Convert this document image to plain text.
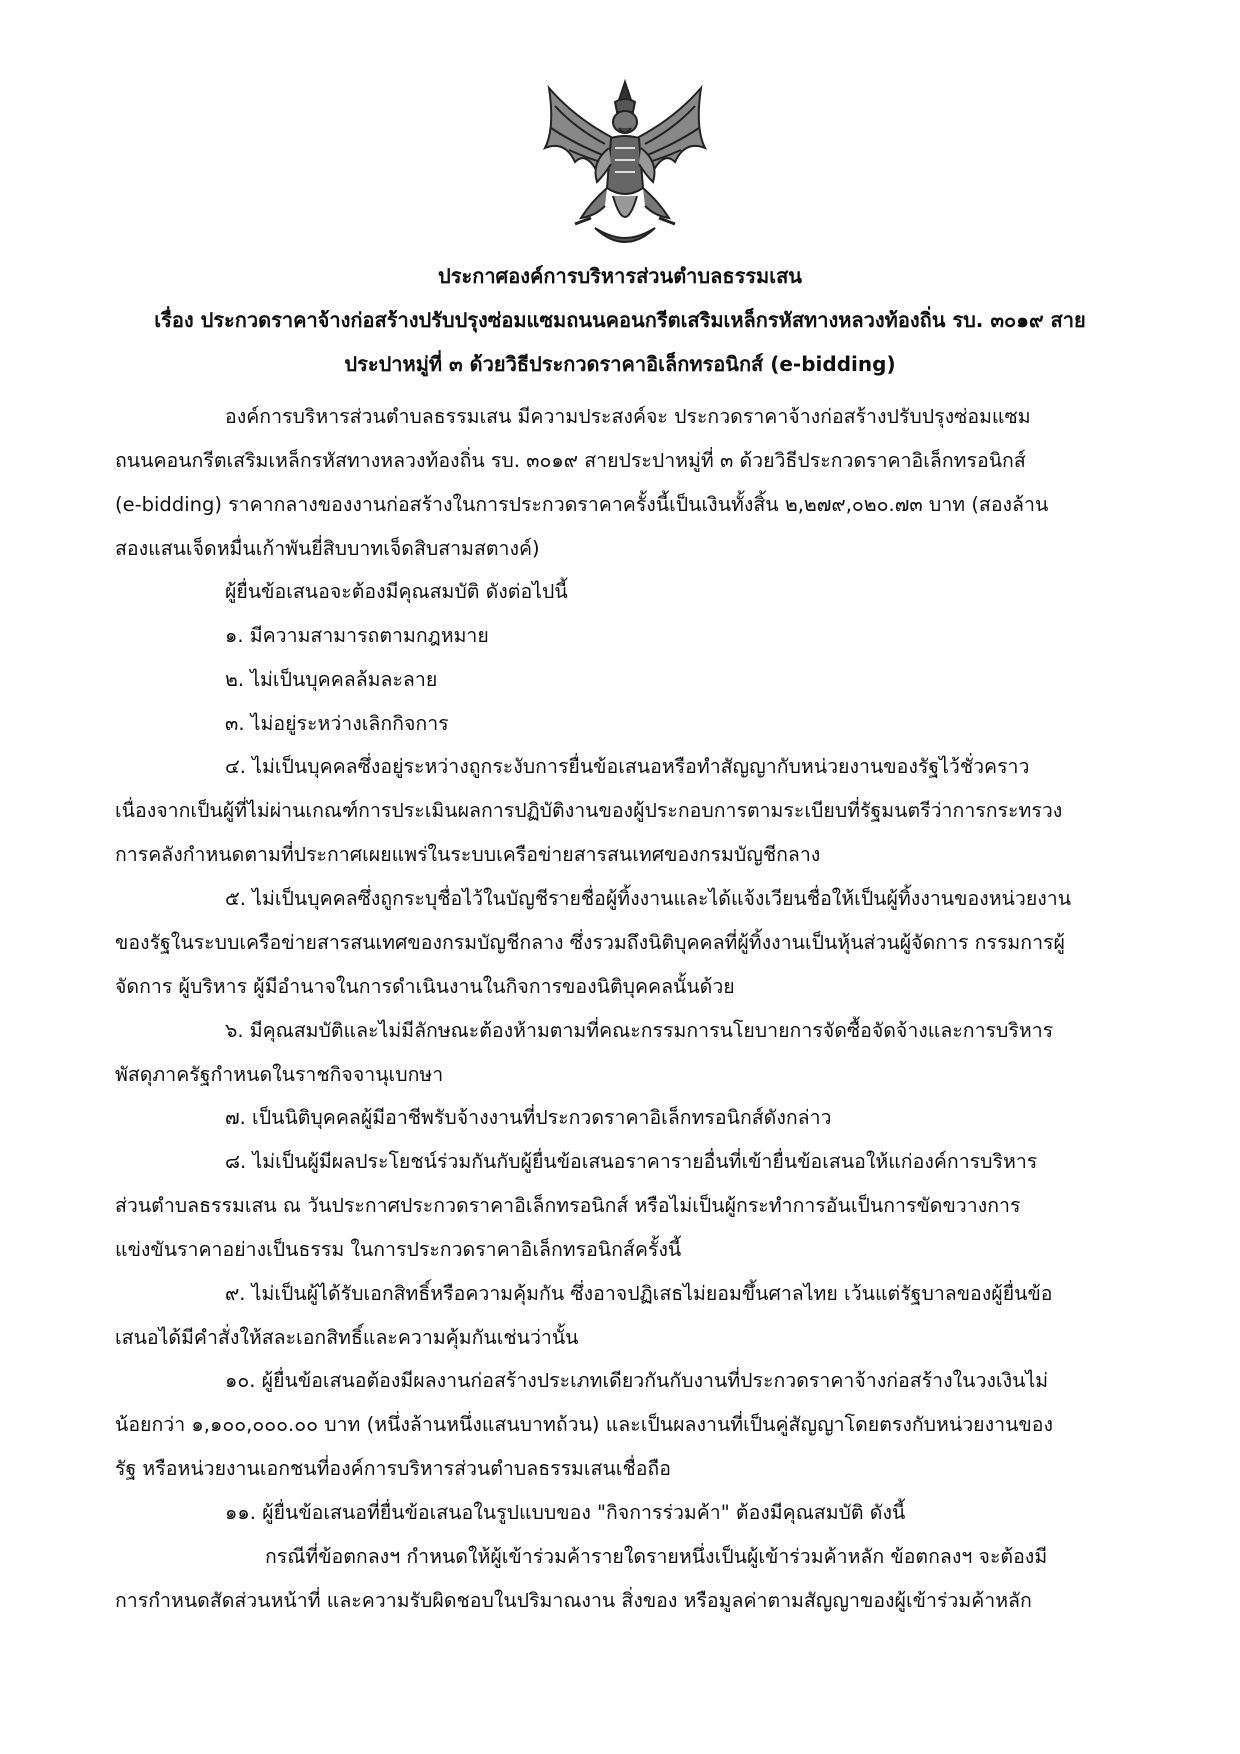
ประกาศองค์การบริหารส่วนตำบลธรรมเสน
เรื่อง ประกวดราคาจ้างก่อสร้างปรับปรุงซ่อมแซมถนนคอนกรีตเสริมเหล็กรหัสทางหลวงท้องถิ่น รบ. ๓๐๑๙ สาย
ประปาหมู่ที่ ๓ ด้วยวิธีประกวดราคาอิเล็กทรอนิกส์ (e-bidding)
องค์การบริหารส่วนตำบลธรรมเสน มีความประสงค์จะ ประกวดราคาจ้างก่อสร้างปรับปรุงซ่อมแซม
ถนนคอนกรีตเสริมเหล็กรหัสทางหลวงท้องถิ่น รบ. ๓๐๑๙ สายประปาหมู่ที่ ๓ ด้วยวิธีประกวดราคาอิเล็กทรอนิกส์
(e-bidding) ราคากลางของงานก่อสร้างในการประกวดราคาครั้งนี้เป็นเงินทั้งสิ้น ๒,๒๗๙,๐๒๐.๗๓ บาท (สองล้าน
สองแสนเจ็ดหมื่นเก้าพันยี่สิบบาทเจ็ดสิบสามสตางค์)
ผู้ยื่นข้อเสนอจะต้องมีคุณสมบัติ ดังต่อไปนี้
๑. มีความสามารถตามกฎหมาย
๒. ไม่เป็นบุคคลล้มละลาย
๓. ไม่อยู่ระหว่างเลิกกิจการ
๔. ไม่เป็นบุคคลซึ่งอยู่ระหว่างถูกระงับการยื่นข้อเสนอหรือทำสัญญากับหน่วยงานของรัฐไว้ชั่วคราว
เนื่องจากเป็นผู้ที่ไม่ผ่านเกณฑ์การประเมินผลการปฏิบัติงานของผู้ประกอบการตามระเบียบที่รัฐมนตรีว่าการกระทรวง
การคลังกำหนดตามที่ประกาศเผยแพร่ในระบบเครือข่ายสารสนเทศของกรมบัญชีกลาง
๕. ไม่เป็นบุคคลซึ่งถูกระบุชื่อไว้ในบัญชีรายชื่อผู้ทิ้งงานและได้แจ้งเวียนชื่อให้เป็นผู้ทิ้งงานของหน่วยงาน
ของรัฐในระบบเครือข่ายสารสนเทศของกรมบัญชีกลาง ซึ่งรวมถึงนิติบุคคลที่ผู้ทิ้งงานเป็นหุ้นส่วนผู้จัดการ กรรมการผู้
จัดการ ผู้บริหาร ผู้มีอำนาจในการดำเนินงานในกิจการของนิติบุคคลนั้นด้วย
๖. มีคุณสมบัติและไม่มีลักษณะต้องห้ามตามที่คณะกรรมการนโยบายการจัดซื้อจัดจ้างและการบริหาร
พัสดุภาครัฐกำหนดในราชกิจจานุเบกษา
๗. เป็นนิติบุคคลผู้มีอาชีพรับจ้างงานที่ประกวดราคาอิเล็กทรอนิกส์ดังกล่าว
๘. ไม่เป็นผู้มีผลประโยชน์ร่วมกันกับผู้ยื่นข้อเสนอราคารายอื่นที่เข้ายื่นข้อเสนอให้แก่องค์การบริหาร
ส่วนตำบลธรรมเสน ณ วันประกาศประกวดราคาอิเล็กทรอนิกส์ หรือไม่เป็นผู้กระทำการอันเป็นการขัดขวางการ
แข่งขันราคาอย่างเป็นธรรม ในการประกวดราคาอิเล็กทรอนิกส์ครั้งนี้
๙. ไม่เป็นผู้ได้รับเอกสิทธิ์หรือความคุ้มกัน ซึ่งอาจปฏิเสธไม่ยอมขึ้นศาลไทย เว้นแต่รัฐบาลของผู้ยื่นข้อ
เสนอได้มีคำสั่งให้สละเอกสิทธิ์และความคุ้มกันเช่นว่านั้น
๑๐. ผู้ยื่นข้อเสนอต้องมีผลงานก่อสร้างประเภทเดียวกันกับงานที่ประกวดราคาจ้างก่อสร้างในวงเงินไม่
น้อยกว่า ๑,๑๐๐,๐๐๐.๐๐ บาท (หนึ่งล้านหนึ่งแสนบาทถ้วน) และเป็นผลงานที่เป็นคู่สัญญาโดยตรงกับหน่วยงานของ
รัฐ หรือหน่วยงานเอกชนที่องค์การบริหารส่วนตำบลธรรมเสนเชื่อถือ
๑๑. ผู้ยื่นข้อเสนอที่ยื่นข้อเสนอในรูปแบบของ "กิจการร่วมค้า" ต้องมีคุณสมบัติ ดังนี้
กรณีที่ข้อตกลงฯ กำหนดให้ผู้เข้าร่วมค้ารายใดรายหนึ่งเป็นผู้เข้าร่วมค้าหลัก ข้อตกลงฯ จะต้องมี
การกำหนดสัดส่วนหน้าที่ และความรับผิดชอบในปริมาณงาน สิ่งของ หรือมูลค่าตามสัญญาของผู้เข้าร่วมค้าหลัก
